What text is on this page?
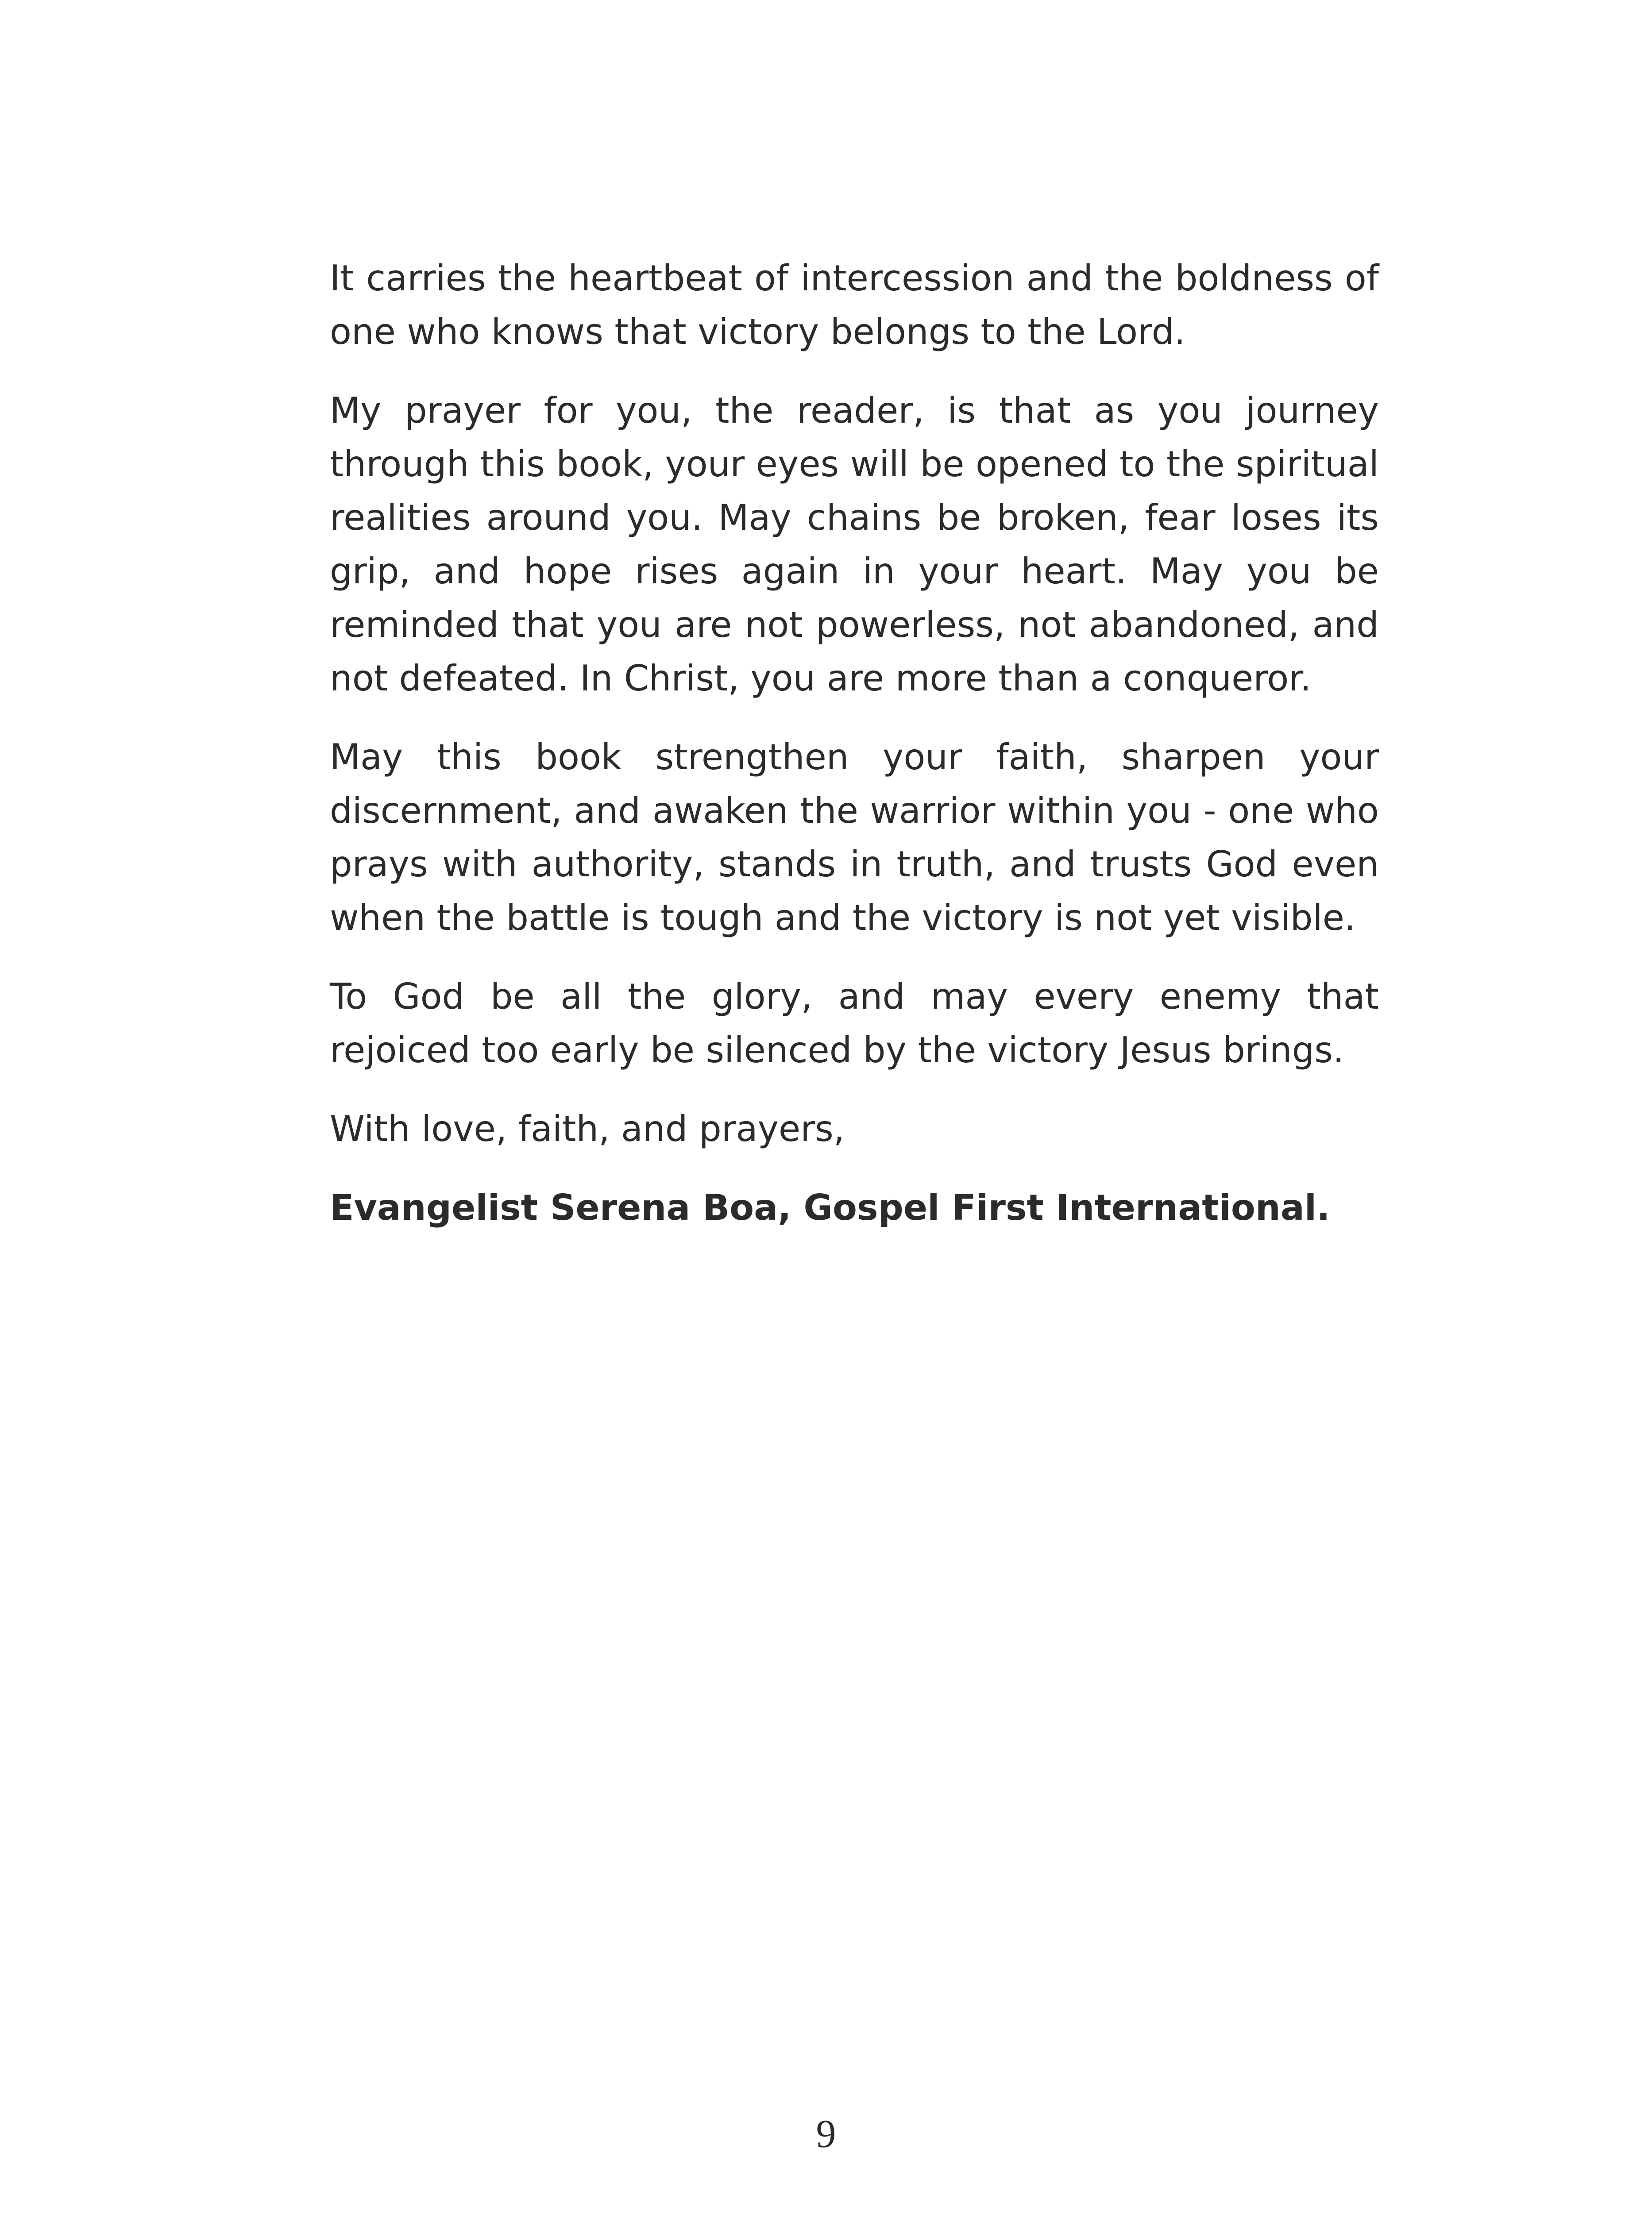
It carries the heartbeat of intercession and the boldness of one who knows that victory belongs to the Lord.

My prayer for you, the reader, is that as you journey through this book, your eyes will be opened to the spiritual realities around you. May chains be broken, fear loses its grip, and hope rises again in your heart. May you be reminded that you are not powerless, not abandoned, and not defeated. In Christ, you are more than a conqueror.

May this book strengthen your faith, sharpen your discernment, and awaken the warrior within you - one who prays with authority, stands in truth, and trusts God even when the battle is tough and the victory is not yet visible.

To God be all the glory, and may every enemy that rejoiced too early be silenced by the victory Jesus brings.

With love, faith, and prayers,

Evangelist Serena Boa, Gospel First International.

9
